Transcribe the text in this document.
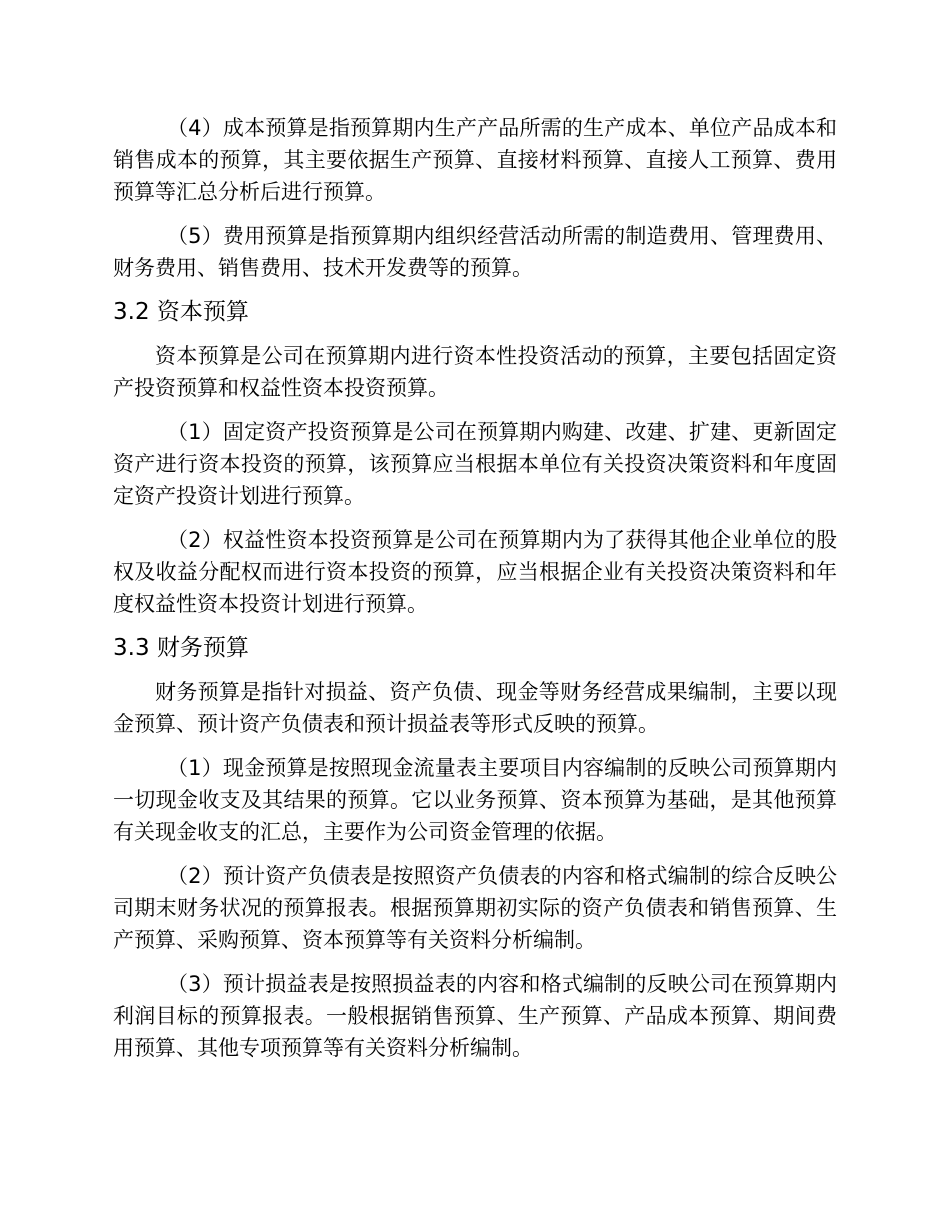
（4）成本预算是指预算期内生产产品所需的生产成本、单位产品成本和销售成本的预算，其主要依据生产预算、直接材料预算、直接人工预算、费用预算等汇总分析后进行预算。

（5）费用预算是指预算期内组织经营活动所需的制造费用、管理费用、财务费用、销售费用、技术开发费等的预算。

3.2 资本预算

资本预算是公司在预算期内进行资本性投资活动的预算，主要包括固定资产投资预算和权益性资本投资预算。

（1）固定资产投资预算是公司在预算期内购建、改建、扩建、更新固定资产进行资本投资的预算，该预算应当根据本单位有关投资决策资料和年度固定资产投资计划进行预算。

（2）权益性资本投资预算是公司在预算期内为了获得其他企业单位的股权及收益分配权而进行资本投资的预算，应当根据企业有关投资决策资料和年度权益性资本投资计划进行预算。

3.3 财务预算

财务预算是指针对损益、资产负债、现金等财务经营成果编制，主要以现金预算、预计资产负债表和预计损益表等形式反映的预算。

（1）现金预算是按照现金流量表主要项目内容编制的反映公司预算期内一切现金收支及其结果的预算。它以业务预算、资本预算为基础，是其他预算有关现金收支的汇总，主要作为公司资金管理的依据。

（2）预计资产负债表是按照资产负债表的内容和格式编制的综合反映公司期末财务状况的预算报表。根据预算期初实际的资产负债表和销售预算、生产预算、采购预算、资本预算等有关资料分析编制。

（3）预计损益表是按照损益表的内容和格式编制的反映公司在预算期内利润目标的预算报表。一般根据销售预算、生产预算、产品成本预算、期间费用预算、其他专项预算等有关资料分析编制。
